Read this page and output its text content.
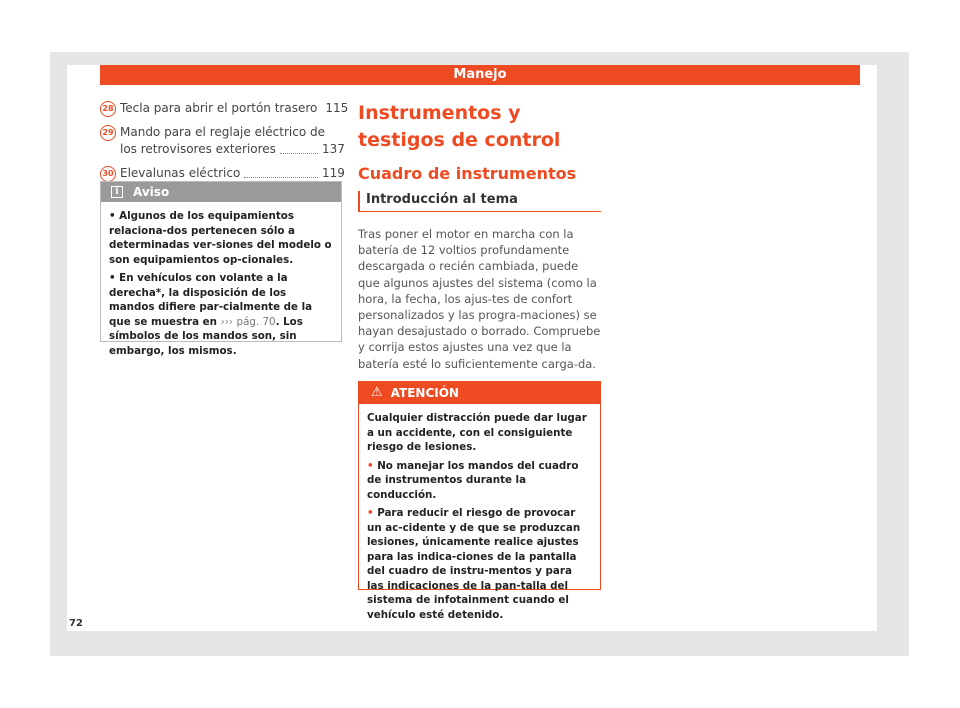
Manejo
28 Tecla para abrir el portón trasero 115
29 Mando para el reglaje eléctrico de
los retrovisores exteriores	137
30 Elevalunas eléctrico	119
i	Aviso

• Algunos de los equipamientos relaciona-dos pertenecen sólo a determinadas ver-siones del modelo o son equipamientos op-cionales.

• En vehículos con volante a la derecha*, la disposición de los mandos difiere par-cialmente de la que se muestra en ››› pág. 70. Los símbolos de los mandos son, sin embargo, los mismos.

Instrumentos y testigos de control
Cuadro de instrumentos
Introducción al tema

Tras poner el motor en marcha con la batería de 12 voltios profundamente descargada o recién cambiada, puede que algunos ajustes del sistema (como la hora, la fecha, los ajus-tes de confort personalizados y las progra-maciones) se hayan desajustado o borrado. Compruebe y corrija estos ajustes una vez que la batería esté lo suficientemente carga-da.

⚠ ATENCIÓN

Cualquier distracción puede dar lugar a un accidente, con el consiguiente riesgo de lesiones.

• No manejar los mandos del cuadro de instrumentos durante la conducción.

• Para reducir el riesgo de provocar un ac-cidente y de que se produzcan lesiones, únicamente realice ajustes para las indica-ciones de la pantalla del cuadro de instru-mentos y para las indicaciones de la pan-talla del sistema de infotainment cuando el vehículo esté detenido.

72
